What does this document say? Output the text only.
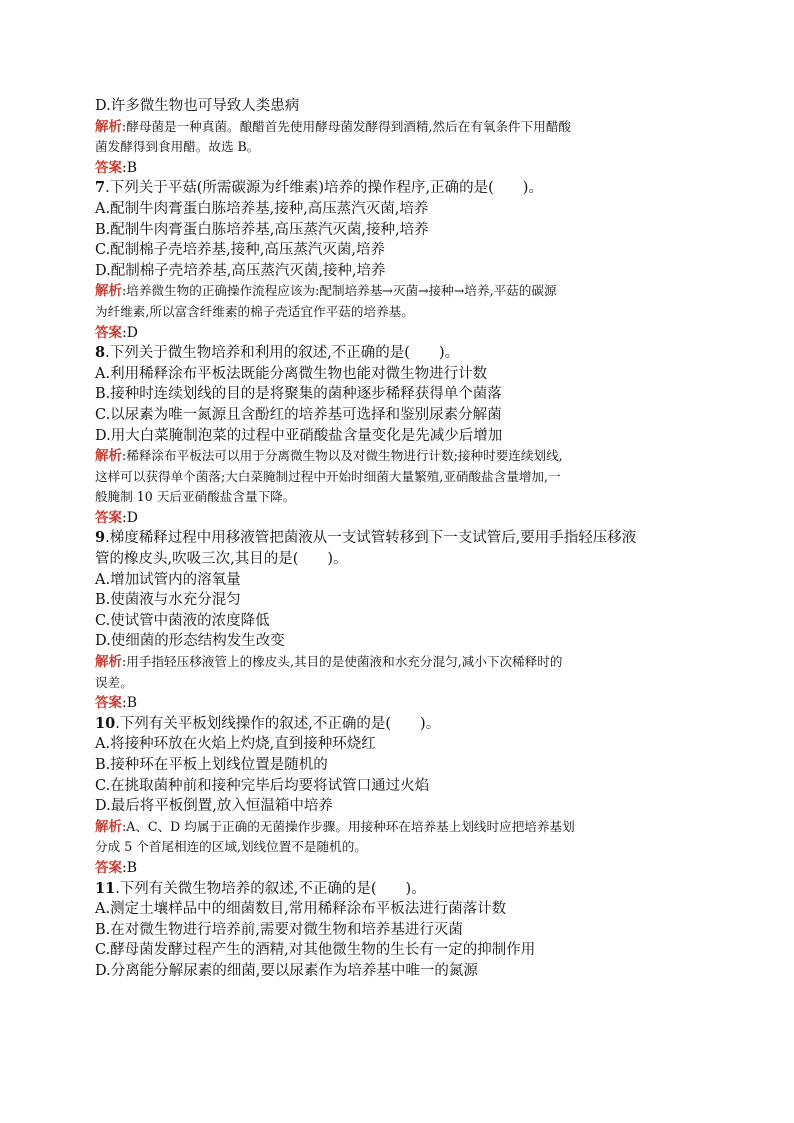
D.许多微生物也可导致人类患病
解析:酵母菌是一种真菌。酿醋首先使用酵母菌发酵得到酒精,然后在有氧条件下用醋酸
菌发酵得到食用醋。故选 B。
答案:B
7.下列关于平菇(所需碳源为纤维素)培养的操作程序,正确的是(　　)。
A.配制牛肉膏蛋白胨培养基,接种,高压蒸汽灭菌,培养
B.配制牛肉膏蛋白胨培养基,高压蒸汽灭菌,接种,培养
C.配制棉子壳培养基,接种,高压蒸汽灭菌,培养
D.配制棉子壳培养基,高压蒸汽灭菌,接种,培养
解析:培养微生物的正确操作流程应该为:配制培养基→灭菌→接种→培养,平菇的碳源
为纤维素,所以富含纤维素的棉子壳适宜作平菇的培养基。
答案:D
8.下列关于微生物培养和利用的叙述,不正确的是(　　)。
A.利用稀释涂布平板法既能分离微生物也能对微生物进行计数
B.接种时连续划线的目的是将聚集的菌种逐步稀释获得单个菌落
C.以尿素为唯一氮源且含酚红的培养基可选择和鉴别尿素分解菌
D.用大白菜腌制泡菜的过程中亚硝酸盐含量变化是先减少后增加
解析:稀释涂布平板法可以用于分离微生物以及对微生物进行计数;接种时要连续划线,
这样可以获得单个菌落;大白菜腌制过程中开始时细菌大量繁殖,亚硝酸盐含量增加,一
般腌制 10 天后亚硝酸盐含量下降。
答案:D
9.梯度稀释过程中用移液管把菌液从一支试管转移到下一支试管后,要用手指轻压移液
管的橡皮头,吹吸三次,其目的是(　　)。
A.增加试管内的溶氧量
B.使菌液与水充分混匀
C.使试管中菌液的浓度降低
D.使细菌的形态结构发生改变
解析:用手指轻压移液管上的橡皮头,其目的是使菌液和水充分混匀,减小下次稀释时的
误差。
答案:B
10.下列有关平板划线操作的叙述,不正确的是(　　)。
A.将接种环放在火焰上灼烧,直到接种环烧红
B.接种环在平板上划线位置是随机的
C.在挑取菌种前和接种完毕后均要将试管口通过火焰
D.最后将平板倒置,放入恒温箱中培养
解析:A、C、D 均属于正确的无菌操作步骤。用接种环在培养基上划线时应把培养基划
分成 5 个首尾相连的区域,划线位置不是随机的。
答案:B
11.下列有关微生物培养的叙述,不正确的是(　　)。
A.测定土壤样品中的细菌数目,常用稀释涂布平板法进行菌落计数
B.在对微生物进行培养前,需要对微生物和培养基进行灭菌
C.酵母菌发酵过程产生的酒精,对其他微生物的生长有一定的抑制作用
D.分离能分解尿素的细菌,要以尿素作为培养基中唯一的氮源
